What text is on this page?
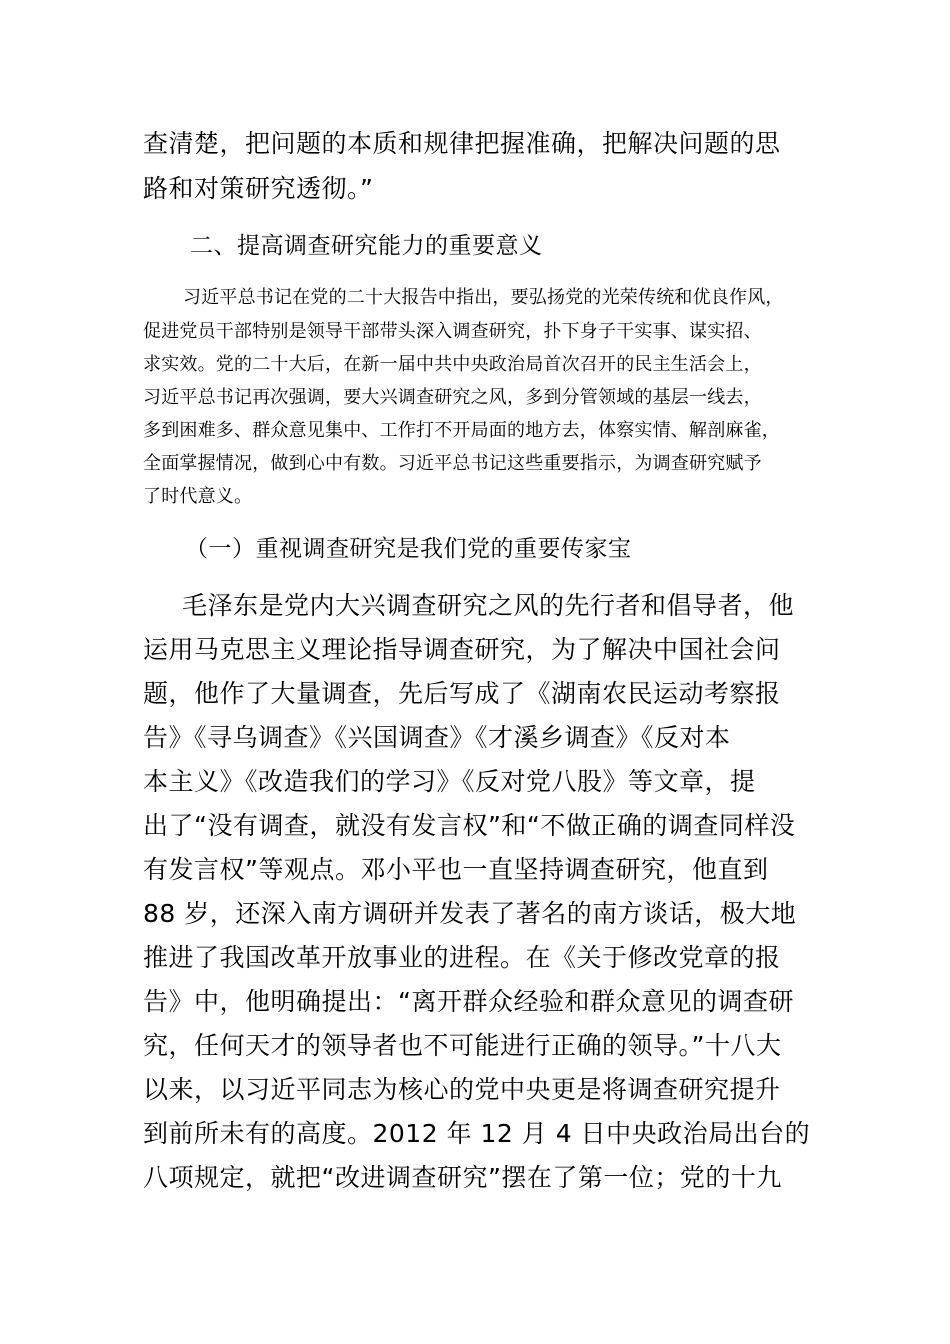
查清楚，把问题的本质和规律把握准确，把解决问题的思

路和对策研究透彻。”

二、提高调查研究能力的重要意义

习近平总书记在党的二十大报告中指出，要弘扬党的光荣传统和优良作风，

促进党员干部特别是领导干部带头深入调查研究，扑下身子干实事、谋实招、

求实效。党的二十大后，在新一届中共中央政治局首次召开的民主生活会上，

习近平总书记再次强调，要大兴调查研究之风，多到分管领域的基层一线去，

多到困难多、群众意见集中、工作打不开局面的地方去，体察实情、解剖麻雀，

全面掌握情况，做到心中有数。习近平总书记这些重要指示，为调查研究赋予

了时代意义。

（一）重视调查研究是我们党的重要传家宝

毛泽东是党内大兴调查研究之风的先行者和倡导者，他

运用马克思主义理论指导调查研究，为了解决中国社会问

题，他作了大量调查，先后写成了《湖南农民运动考察报

告》《寻乌调查》《兴国调查》《才溪乡调查》《反对本

本主义》《改造我们的学习》《反对党八股》等文章，提

出了“没有调查，就没有发言权”和“不做正确的调查同样没

有发言权”等观点。邓小平也一直坚持调查研究，他直到

88 岁，还深入南方调研并发表了著名的南方谈话，极大地

推进了我国改革开放事业的进程。在《关于修改党章的报

告》中，他明确提出：“离开群众经验和群众意见的调查研

究，任何天才的领导者也不可能进行正确的领导。”十八大

以来，以习近平同志为核心的党中央更是将调查研究提升

到前所未有的高度。2012 年 12 月 4 日中央政治局出台的

八项规定，就把“改进调查研究”摆在了第一位；党的十九
